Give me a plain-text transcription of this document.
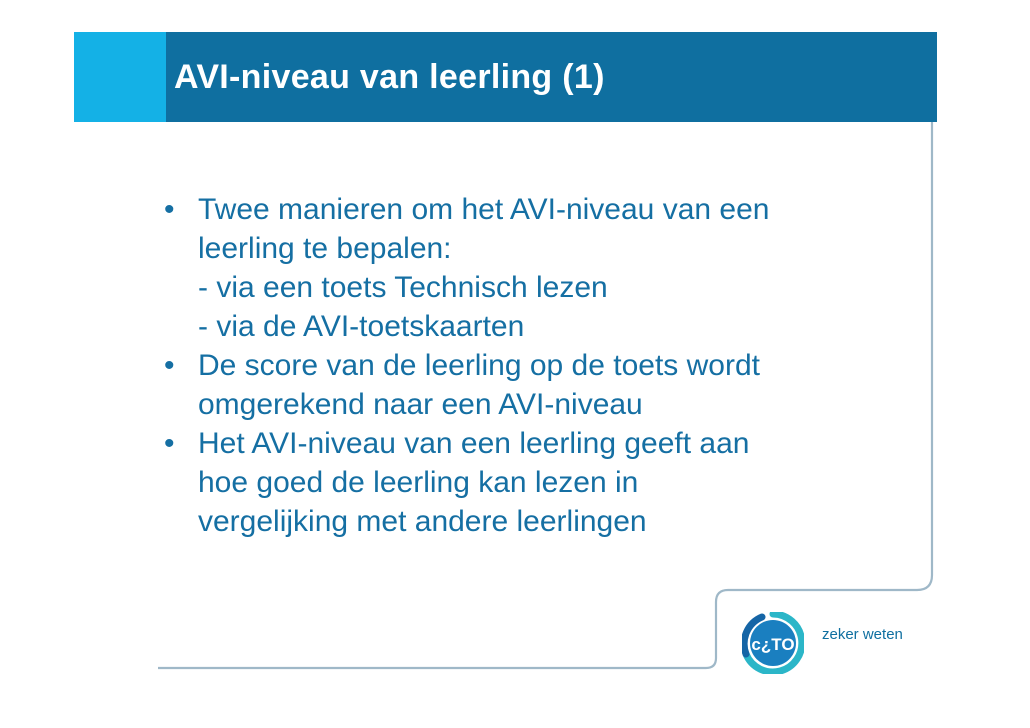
AVI-niveau van leerling (1)
• Twee manieren om het AVI-niveau van een
leerling te bepalen:
- via een toets Technisch lezen
- via de AVI-toetskaarten
• De score van de leerling op de toets wordt
omgerekend naar een AVI-niveau
• Het AVI-niveau van een leerling geeft aan
hoe goed de leerling kan lezen in
vergelijking met andere leerlingen
c¿TO
zeker weten
